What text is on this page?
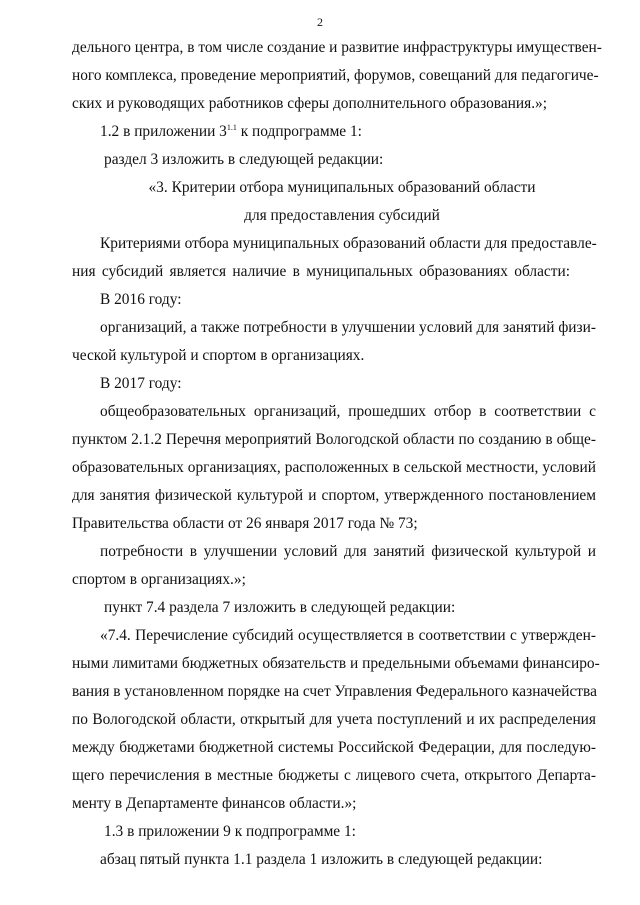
2
дельного центра, в том числе создание и развитие инфраструктуры имуществен-
ного комплекса, проведение мероприятий, форумов, совещаний для педагогиче-
ских и руководящих работников сферы дополнительного образования.»;
1.2 в приложении $3^{1.1}$ к подпрограмме 1:
раздел 3 изложить в следующей редакции:
«3. Критерии отбора муниципальных образований области
для предоставления субсидий
Критериями отбора муниципальных образований области для предоставле-
ния субсидий является наличие в муниципальных образованиях области:
В 2016 году:
организаций, а также потребности в улучшении условий для занятий физи-
ческой культурой и спортом в организациях.
В 2017 году:
общеобразовательных организаций, прошедших отбор в соответствии с
пунктом 2.1.2 Перечня мероприятий Вологодской области по созданию в обще-
образовательных организациях, расположенных в сельской местности, условий
для занятия физической культурой и спортом, утвержденного постановлением
Правительства области от 26 января 2017 года № 73;
потребности в улучшении условий для занятий физической культурой и
спортом в организациях.»;
пункт 7.4 раздела 7 изложить в следующей редакции:
«7.4. Перечисление субсидий осуществляется в соответствии с утвержден-
ными лимитами бюджетных обязательств и предельными объемами финансиро-
вания в установленном порядке на счет Управления Федерального казначейства
по Вологодской области, открытый для учета поступлений и их распределения
между бюджетами бюджетной системы Российской Федерации, для последую-
щего перечисления в местные бюджеты с лицевого счета, открытого Департа-
менту в Департаменте финансов области.»;
1.3 в приложении 9 к подпрограмме 1:
абзац пятый пункта 1.1 раздела 1 изложить в следующей редакции:
